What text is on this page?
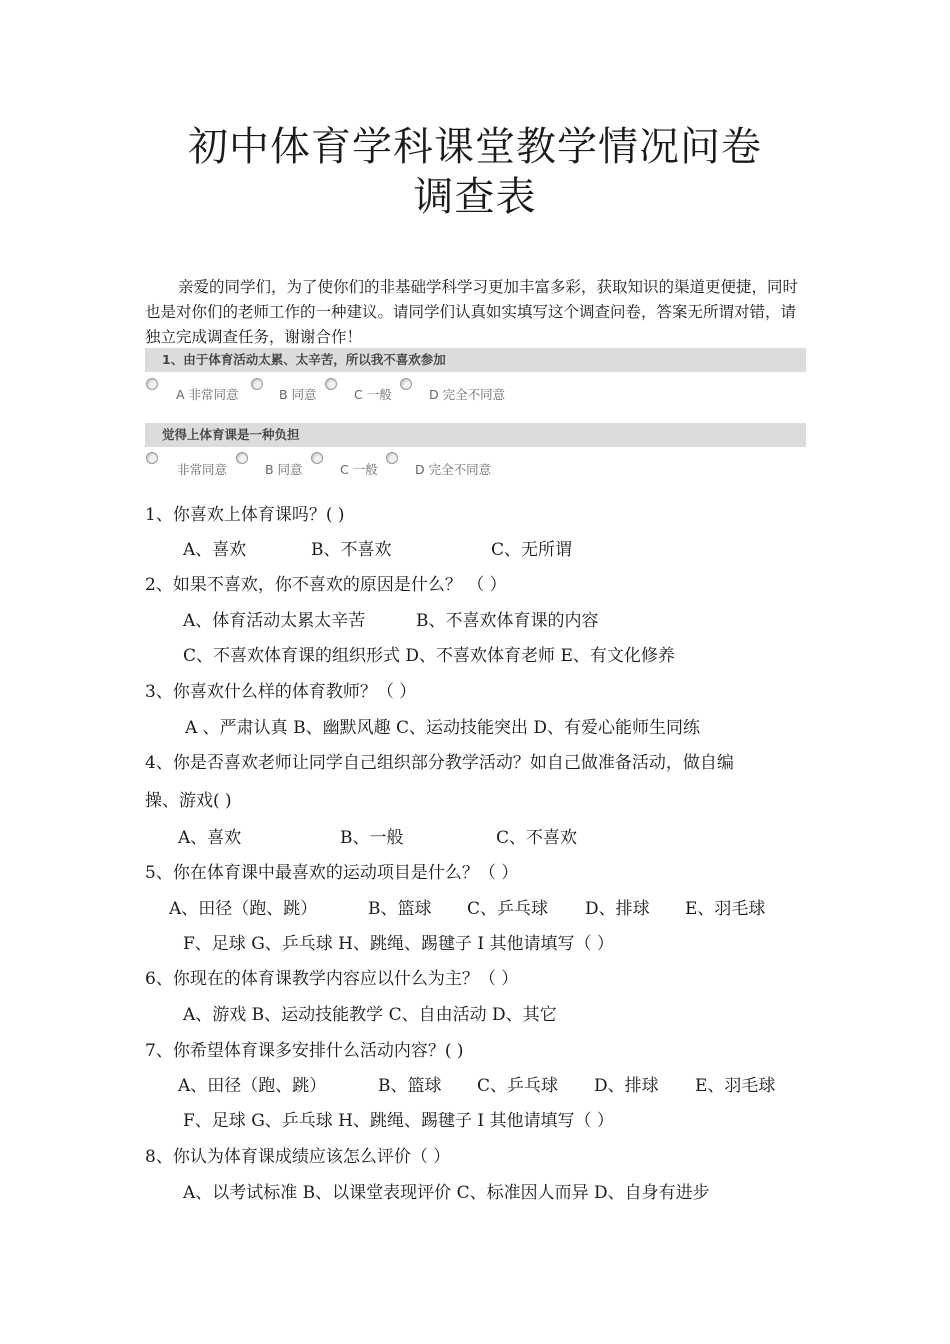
初中体育学科课堂教学情况问卷
调查表
亲爱的同学们，为了使你们的非基础学科学习更加丰富多彩，获取知识的渠道更便捷，同时也是对你们的老师工作的一种建议。请同学们认真如实填写这个调查问卷，答案无所谓对错，请独立完成调查任务，谢谢合作！
1、由于体育活动太累、太辛苦，所以我不喜欢参加
A 非常同意	B 同意	C 一般	D 完全不同意
觉得上体育课是一种负担
非常同意	B 同意	C 一般	D 完全不同意
1、你喜欢上体育课吗？( )
A、喜欢	B、不喜欢	C、无所谓
2、如果不喜欢，你不喜欢的原因是什么？ （ ）
A、体育活动太累太辛苦	B、不喜欢体育课的内容
C、不喜欢体育课的组织形式 D、不喜欢体育老师 E、有文化修养
3、你喜欢什么样的体育教师？（ ）
A 、严肃认真 B、幽默风趣 C、运动技能突出 D、有爱心能师生同练
4、你是否喜欢老师让同学自己组织部分教学活动？如自己做准备活动，做自编
操、游戏( )
A、喜欢	B、一般	C、不喜欢
5、你在体育课中最喜欢的运动项目是什么？（ ）
A、田径（跑、跳）	B、篮球 C、乒乓球 D、排球 E、羽毛球
F、足球 G、乒乓球 H、跳绳、踢毽子 I 其他请填写（ ）
6、你现在的体育课教学内容应以什么为主？（ ）
A、游戏 B、运动技能教学 C、自由活动 D、其它
7、你希望体育课多安排什么活动内容？( )
A、田径（跑、跳）	B、篮球 C、乒乓球 D、排球 E、羽毛球
F、足球 G、乒乓球 H、跳绳、踢毽子 I 其他请填写（ ）
8、你认为体育课成绩应该怎么评价（ ）
A、以考试标准 B、以课堂表现评价 C、标准因人而异 D、自身有进步
